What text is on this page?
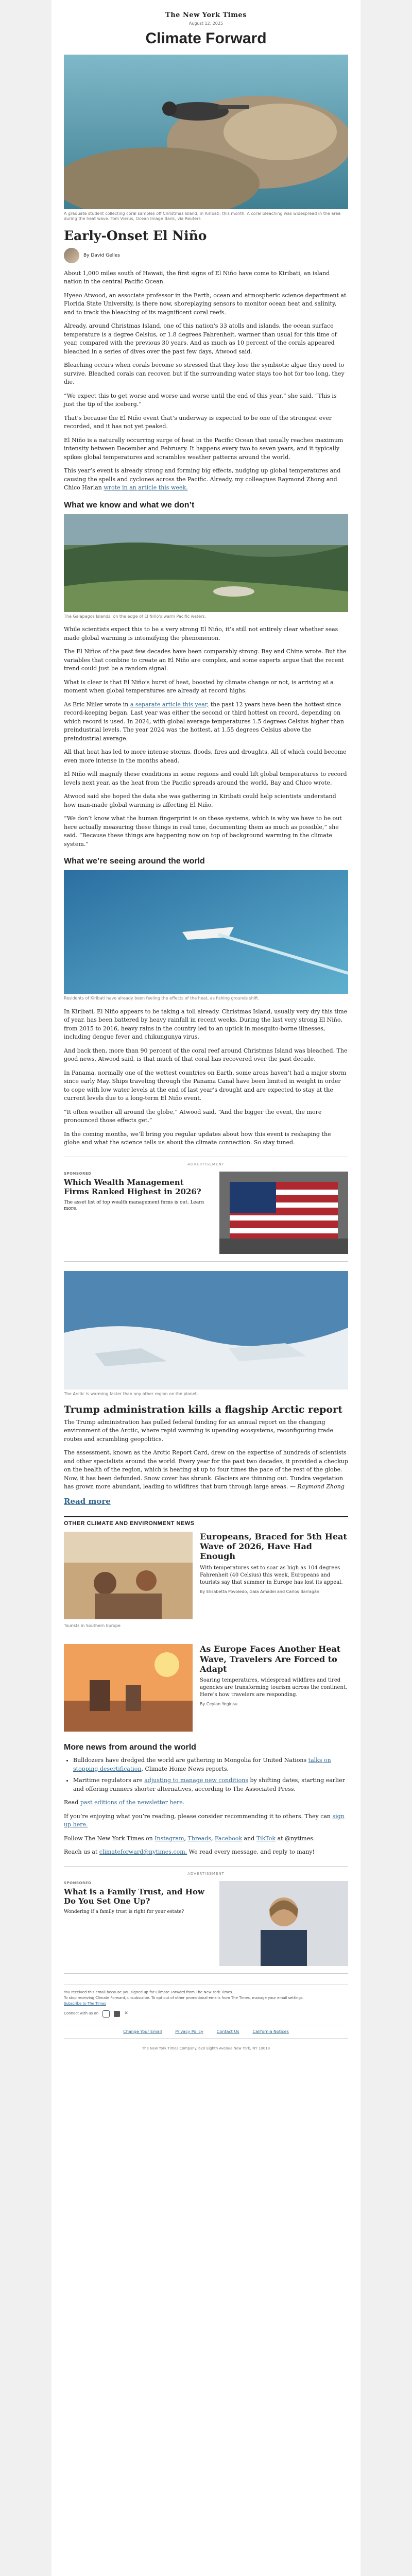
The New York Times
August 12, 2025
Climate Forward
A graduate student collecting coral samples off Christmas Island, in Kiribati, this month. A coral bleaching was widespread in the area during the heat wave. Tom Vierus, Ocean Image Bank, via Reuters
Early-Onset El Niño
By David Gelles

About 1,000 miles south of Hawaii, the first signs of El Niño have come to Kiribati, an island nation in the central Pacific Ocean.

Hyeeo Atwood, an associate professor in the Earth, ocean and atmospheric science department at Florida State University, is there now, shoreplaying sensors to monitor ocean heat and salinity, and to track the bleaching of its magnificent coral reefs.

Already, around Christmas Island, one of this nation's 33 atolls and islands, the ocean surface temperature is a degree Celsius, or 1.8 degrees Fahrenheit, warmer than usual for this time of year, compared with the previous 30 years. And as much as 10 percent of the corals appeared bleached in a series of dives over the past few days, Atwood said.

Bleaching occurs when corals become so stressed that they lose the symbiotic algae they need to survive. Bleached corals can recover, but if the surrounding water stays too hot for too long, they die.

“We expect this to get worse and worse and worse until the end of this year,” she said. “This is just the tip of the iceberg.”

That’s because the El Niño event that’s underway is expected to be one of the strongest ever recorded, and it has not yet peaked.

El Niño is a naturally occurring surge of heat in the Pacific Ocean that usually reaches maximum intensity between December and February. It happens every two to seven years, and it typically spikes global temperatures and scrambles weather patterns around the world.

This year’s event is already strong and forming big effects, nudging up global temperatures and causing the spells and cyclones across the Pacific. Already, my colleagues Raymond Zhong and Chico Harlan wrote in an article this week.

What we know and what we don’t
The Galápagos Islands, on the edge of El Niño’s warm Pacific waters.

While scientists expect this to be a very strong El Niño, it’s still not entirely clear whether seas made global warming is intensifying the phenomenon.

The El Niños of the past few decades have been comparably strong. Bay and China wrote. But the variables that combine to create an El Niño are complex, and some experts argue that the recent trend could just be a random signal.

What is clear is that El Niño’s burst of heat, boosted by climate change or not, is arriving at a moment when global temperatures are already at record highs.

As Eric Niiler wrote in a separate article this year, the past 12 years have been the hottest since record-keeping began. Last year was either the second or third hottest on record, depending on which record is used. In 2024, with global average temperatures 1.5 degrees Celsius higher than preindustrial levels. The year 2024 was the hottest, at 1.55 degrees Celsius above the preindustrial average.

All that heat has led to more intense storms, floods, fires and droughts. All of which could become even more intense in the months ahead.

El Niño will magnify these conditions in some regions and could lift global temperatures to record levels next year, as the heat from the Pacific spreads around the world, Bay and Chico wrote.

Atwood said she hoped the data she was gathering in Kiribati could help scientists understand how man-made global warming is affecting El Niño.

“We don’t know what the human fingerprint is on these systems, which is why we have to be out here actually measuring these things in real time, documenting them as much as possible,” she said. “Because these things are happening now on top of background warming in the climate system.”

What we’re seeing around the world
Residents of Kiribati have already been feeling the effects of the heat, as fishing grounds shift.

In Kiribati, El Niño appears to be taking a toll already. Christmas Island, usually very dry this time of year, has been battered by heavy rainfall in recent weeks. During the last very strong El Niño, from 2015 to 2016, heavy rains in the country led to an uptick in mosquito-borne illnesses, including dengue fever and chikungunya virus.

And back then, more than 90 percent of the coral reef around Christmas Island was bleached. The good news, Atwood said, is that much of that coral has recovered over the past decade.

In Panama, normally one of the wettest countries on Earth, some areas haven’t had a major storm since early May. Ships traveling through the Panama Canal have been limited in weight in order to cope with low water levels at the end of last year’s drought and are expected to stay at the current levels due to a long-term El Niño event.

“It often weather all around the globe,” Atwood said. “And the bigger the event, the more pronounced those effects get.”

In the coming months, we’ll bring you regular updates about how this event is reshaping the globe and what the science tells us about the climate connection. So stay tuned.

ADVERTISEMENT
SPONSORED
Which Wealth Management Firms Ranked Highest in 2026?
The asset list of top wealth management firms is out. Learn more.
The Arctic is warming faster than any other region on the planet.
Trump administration kills a flagship Arctic report

The Trump administration has pulled federal funding for an annual report on the changing environment of the Arctic, where rapid warming is upending ecosystems, reconfiguring trade routes and scrambling geopolitics.

The assessment, known as the Arctic Report Card, drew on the expertise of hundreds of scientists and other specialists around the world. Every year for the past two decades, it provided a checkup on the health of the region, which is heating at up to four times the pace of the rest of the globe. Now, it has been defunded. Snow cover has shrunk. Glaciers are thinning out. Tundra vegetation has grown more abundant, leading to wildfires that burn through large areas. — Raymond Zhong

Read more
OTHER CLIMATE AND ENVIRONMENT NEWS
Tourists in Southern Europe
Europeans, Braced for 5th Heat Wave of 2026, Have Had Enough
With temperatures set to soar as high as 104 degrees Fahrenheit (40 Celsius) this week, Europeans and tourists say that summer in Europe has lost its appeal.
By Elisabetta Povoledo, Gaia Amadei and Carlos Barragán
As Europe Faces Another Heat Wave, Travelers Are Forced to Adapt
Soaring temperatures, widespread wildfires and tired agencies are transforming tourism across the continent. Here’s how travelers are responding.
By Ceylan Yeginsu
More news from around the world
• Bulldozers have dredged the world are gathering in Mongolia for United Nations talks on stopping desertification. Climate Home News reports.
• Maritime regulators are adjusting to manage new conditions by shifting dates, starting earlier and offering runners shorter alternatives, according to The Associated Press.

Read past editions of the newsletter here.

If you’re enjoying what you’re reading, please consider recommending it to others. They can sign up here.

Follow The New York Times on Instagram, Threads, Facebook and TikTok at @nytimes.

Reach us at climateforward@nytimes.com. We read every message, and reply to many!

ADVERTISEMENT
SPONSORED
What is a Family Trust, and How Do You Set One Up?
Wondering if a family trust is right for your estate?
You received this email because you signed up for Climate Forward from The New York Times.
To stop receiving Climate Forward, unsubscribe. To opt out of other promotional emails from The Times, manage your email settings.
Subscribe to The Times
Connect with us on	✕
Change Your Email	Privacy Policy	Contact Us	California Notices
The New York Times Company. 620 Eighth Avenue New York, NY 10018
